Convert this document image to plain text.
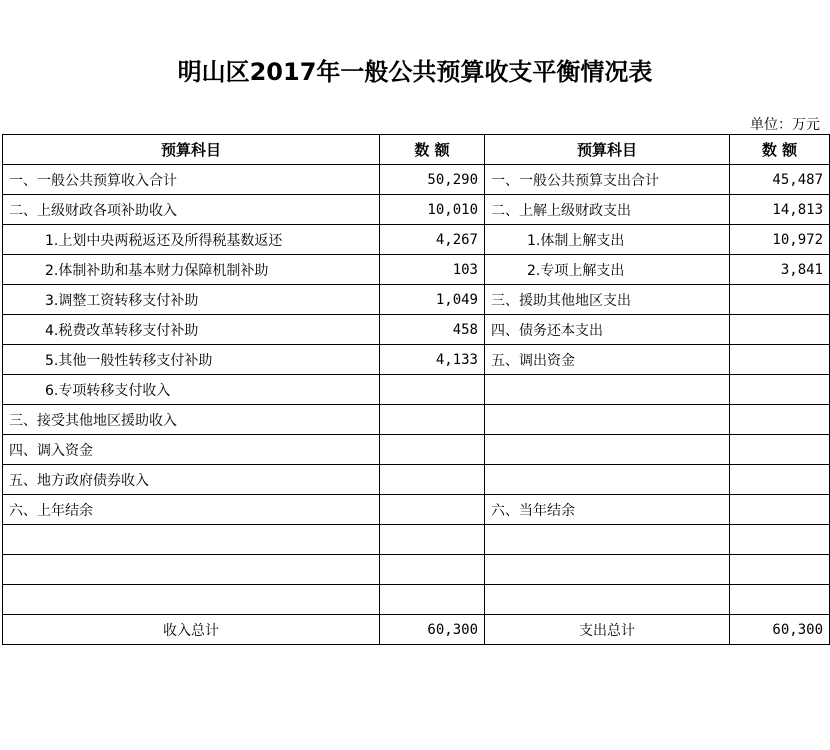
明山区2017年一般公共预算收支平衡情况表
单位：万元
预算科目	数 额	预算科目	数 额
一、一般公共预算收入合计	50,290	一、一般公共预算支出合计	45,487
二、上级财政各项补助收入	10,010	二、上解上级财政支出	14,813
1.上划中央两税返还及所得税基数返还	4,267	1.体制上解支出	10,972
2.体制补助和基本财力保障机制补助	103	2.专项上解支出	3,841
3.调整工资转移支付补助	1,049	三、援助其他地区支出	
4.税费改革转移支付补助	458	四、债务还本支出	
5.其他一般性转移支付补助	4,133	五、调出资金	
6.专项转移支付收入			
三、接受其他地区援助收入			
四、调入资金			
五、地方政府债券收入			
六、上年结余		六、当年结余	

收入总计	60,300	支出总计	60,300
